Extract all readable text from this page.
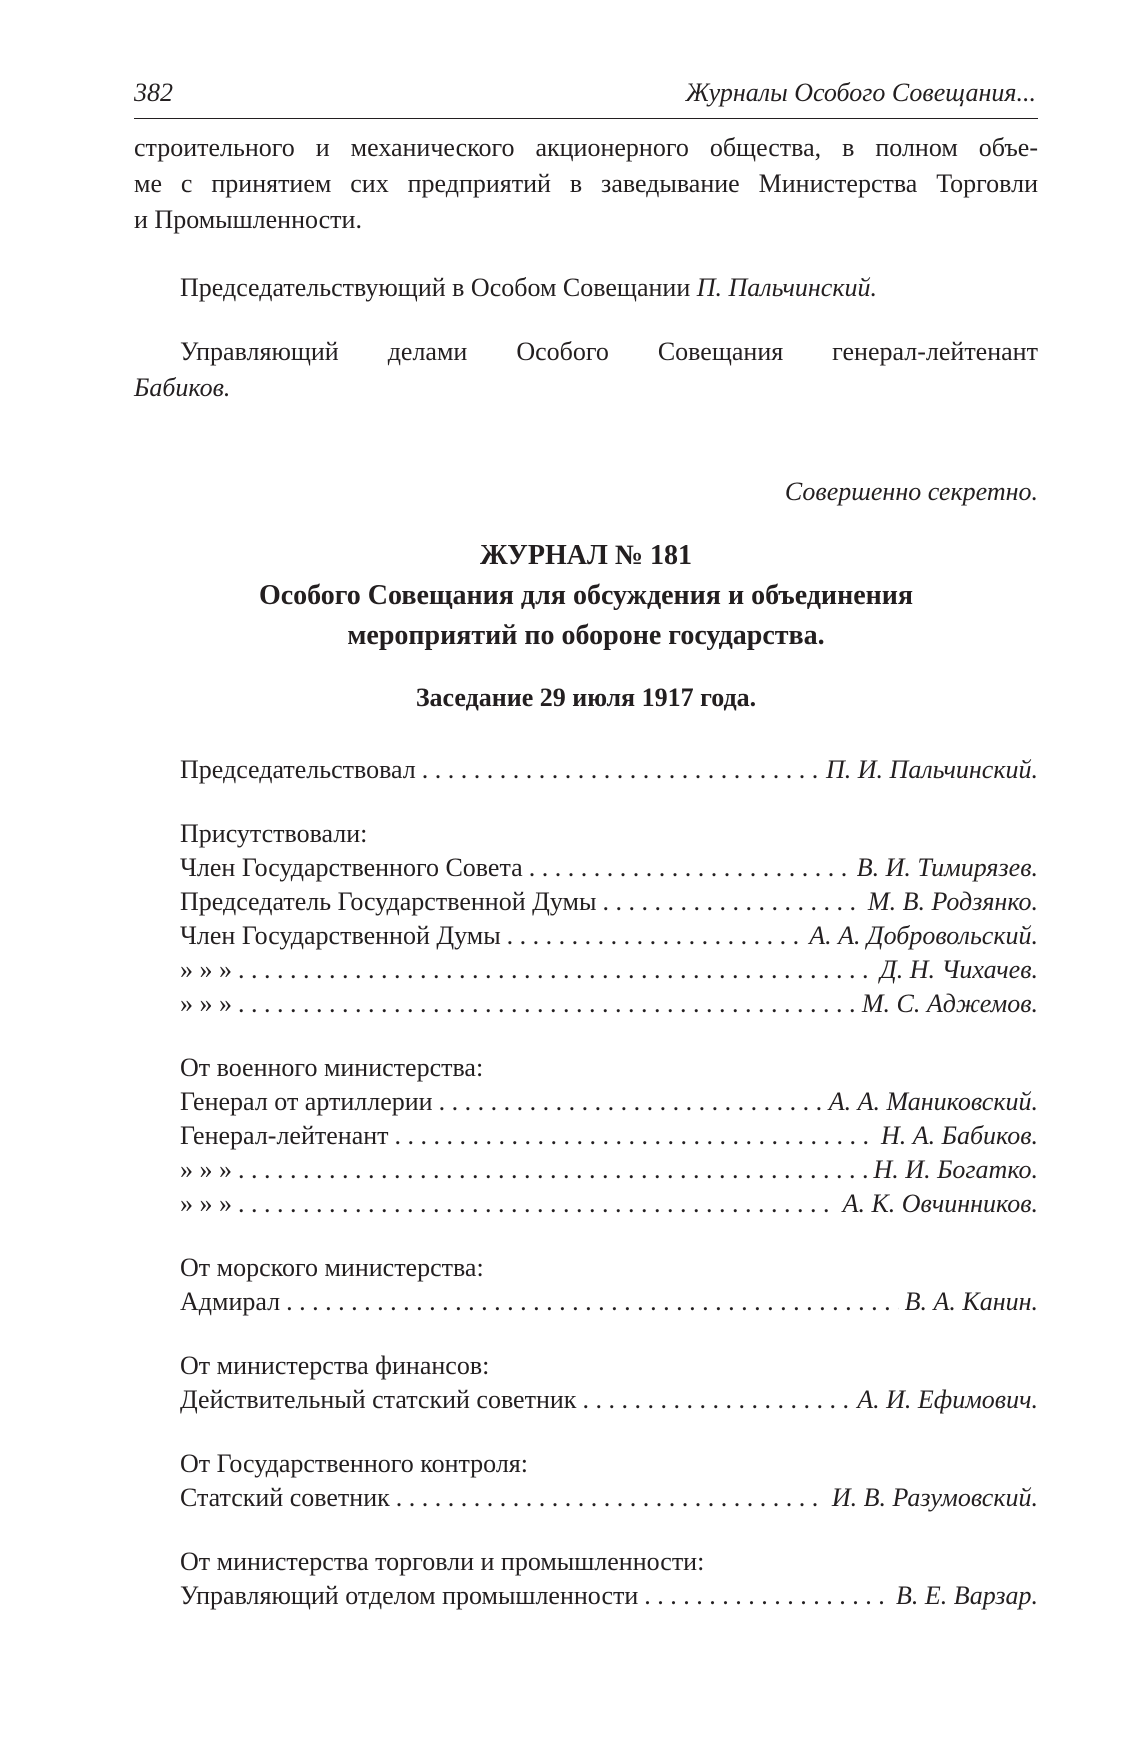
382	Журналы Особого Совещания...
строительного и механического акционерного общества, в полном объе-
ме с принятием сих предприятий в заведывание Министерства Торговли
и Промышленности.
Председательствующий в Особом Совещании П. Пальчинский.
Управляющий делами Особого Совещания генерал-лейтенант
Бабиков.
Совершенно секретно.
ЖУРНАЛ № 181
Особого Совещания для обсуждения и объединения
мероприятий по обороне государства.
Заседание 29 июля 1917 года.
Председательствовал . . .	П. И. Пальчинский.
Присутствовали:
Член Государственного Совета . . .	В. И. Тимирязев.
Председатель Государственной Думы . . .	М. В. Родзянко.
Член Государственной Думы . . .	А. А. Добровольский.
» » » . . .	Д. Н. Чихачев.
» » » . . .	М. С. Аджемов.
От военного министерства:
Генерал от артиллерии . . .	А. А. Маниковский.
Генерал-лейтенант . . .	Н. А. Бабиков.
» » » . . .	Н. И. Богатко.
» » » . . .	А. К. Овчинников.
От морского министерства:
Адмирал . . .	В. А. Канин.
От министерства финансов:
Действительный статский советник . . .	А. И. Ефимович.
От Государственного контроля:
Статский советник . . .	И. В. Разумовский.
От министерства торговли и промышленности:
Управляющий отделом промышленности . . .	В. Е. Варзар.
